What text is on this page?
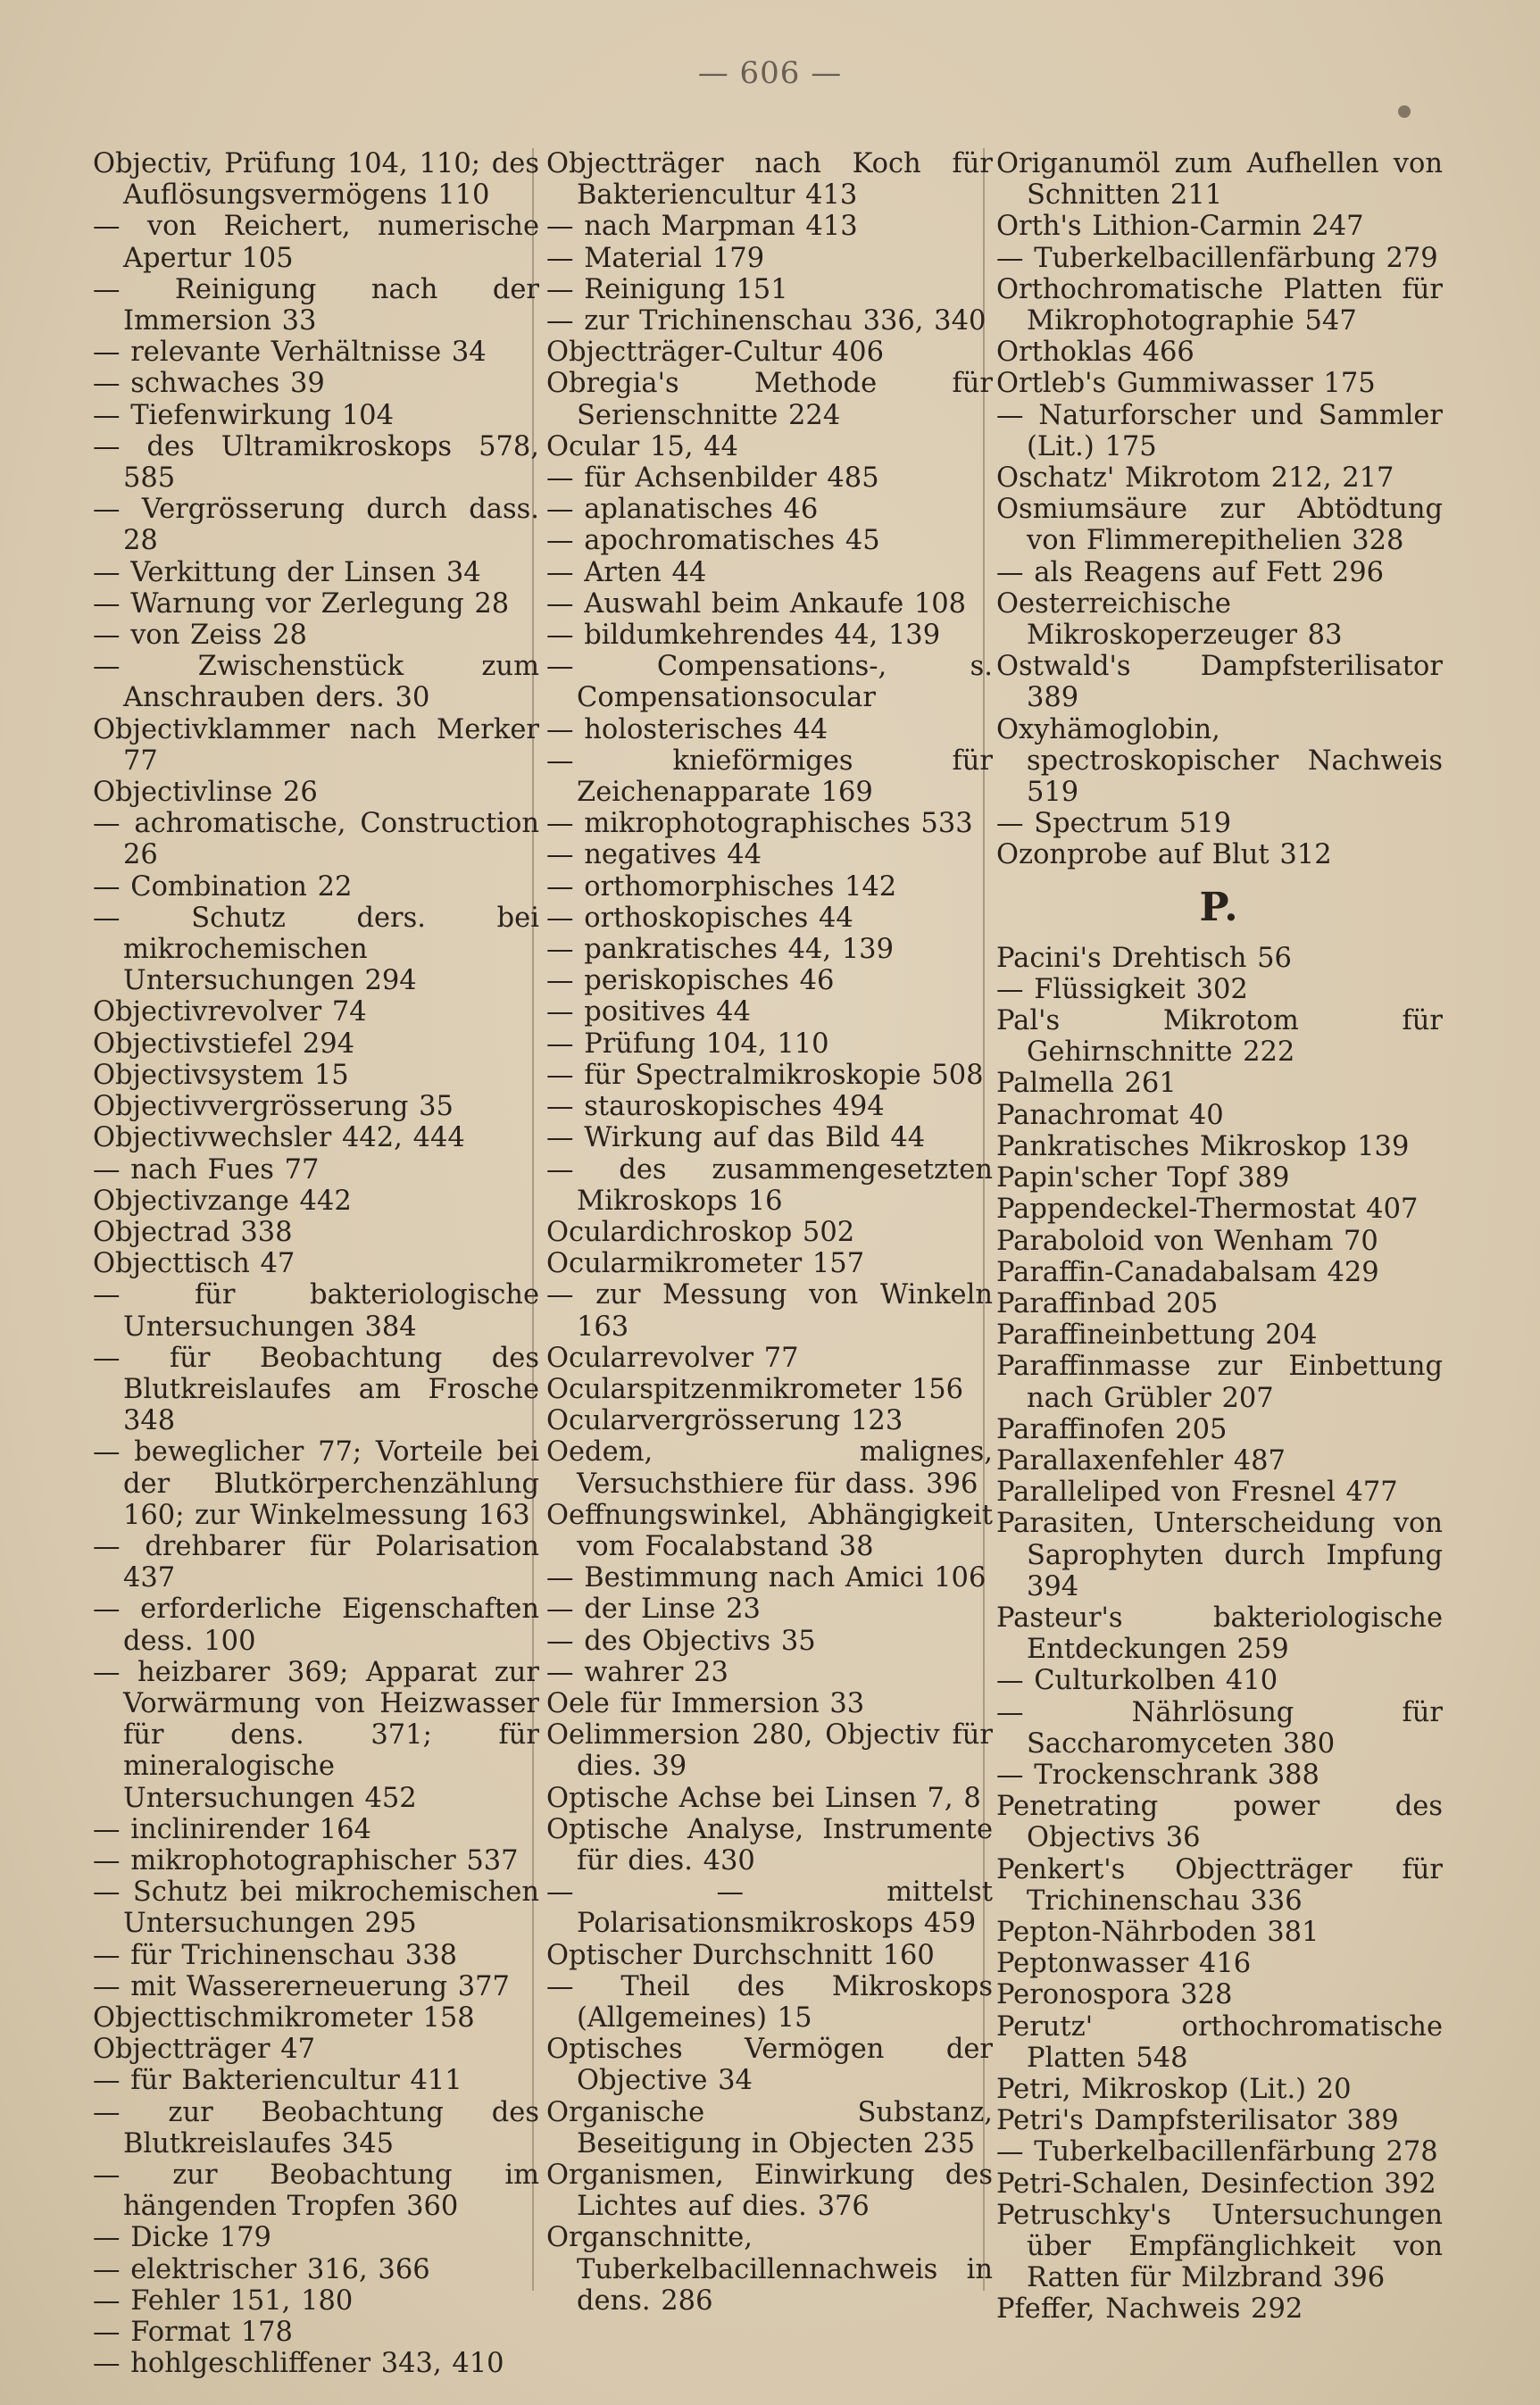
— 606 —
Objectiv, Prüfung 104, 110; des Auflösungsvermögens 110
— von Reichert, numerische Apertur 105
— Reinigung nach der Immersion 33
— relevante Verhältnisse 34
— schwaches 39
— Tiefenwirkung 104
— des Ultramikroskops 578, 585
— Vergrösserung durch dass. 28
— Verkittung der Linsen 34
— Warnung vor Zerlegung 28
— von Zeiss 28
— Zwischenstück zum Anschrauben ders. 30
Objectivklammer nach Merker 77
Objectivlinse 26
— achromatische, Construction 26
— Combination 22
— Schutz ders. bei mikrochemischen Untersuchungen 294
Objectivrevolver 74
Objectivstiefel 294
Objectivsystem 15
Objectivvergrösserung 35
Objectivwechsler 442, 444
— nach Fues 77
Objectivzange 442
Objectrad 338
Objecttisch 47
— für bakteriologische Untersuchungen 384
— für Beobachtung des Blutkreislaufes am Frosche 348
— beweglicher 77; Vorteile bei der Blutkörperchenzählung 160; zur Winkelmessung 163
— drehbarer für Polarisation 437
— erforderliche Eigenschaften dess. 100
— heizbarer 369; Apparat zur Vorwärmung von Heizwasser für dens. 371; für mineralogische Untersuchungen 452
— inclinirender 164
— mikrophotographischer 537
— Schutz bei mikrochemischen Untersuchungen 295
— für Trichinenschau 338
— mit Wassererneuerung 377
Objecttischmikrometer 158
Objectträger 47
— für Bakteriencultur 411
— zur Beobachtung des Blutkreislaufes 345
— zur Beobachtung im hängenden Tropfen 360
— Dicke 179
— elektrischer 316, 366
— Fehler 151, 180
— Format 178
— hohlgeschliffener 343, 410
Objectträger nach Koch für Bakteriencultur 413
— nach Marpman 413
— Material 179
— Reinigung 151
— zur Trichinenschau 336, 340
Objectträger-Cultur 406
Obregia's Methode für Serienschnitte 224
Ocular 15, 44
— für Achsenbilder 485
— aplanatisches 46
— apochromatisches 45
— Arten 44
— Auswahl beim Ankaufe 108
— bildumkehrendes 44, 139
— Compensations-, s. Compensationsocular
— holosterisches 44
— knieförmiges für Zeichenapparate 169
— mikrophotographisches 533
— negatives 44
— orthomorphisches 142
— orthoskopisches 44
— pankratisches 44, 139
— periskopisches 46
— positives 44
— Prüfung 104, 110
— für Spectralmikroskopie 508
— stauroskopisches 494
— Wirkung auf das Bild 44
— des zusammengesetzten Mikroskops 16
Oculardichroskop 502
Ocularmikrometer 157
— zur Messung von Winkeln 163
Ocularrevolver 77
Ocularspitzenmikrometer 156
Ocularvergrösserung 123
Oedem, malignes, Versuchsthiere für dass. 396
Oeffnungswinkel, Abhängigkeit vom Focalabstand 38
— Bestimmung nach Amici 106
— der Linse 23
— des Objectivs 35
— wahrer 23
Oele für Immersion 33
Oelimmersion 280, Objectiv für dies. 39
Optische Achse bei Linsen 7, 8
Optische Analyse, Instrumente für dies. 430
— — mittelst Polarisationsmikroskops 459
Optischer Durchschnitt 160
— Theil des Mikroskops (Allgemeines) 15
Optisches Vermögen der Objective 34
Organische Substanz, Beseitigung in Objecten 235
Organismen, Einwirkung des Lichtes auf dies. 376
Organschnitte, Tuberkelbacillennachweis in dens. 286
Origanumöl zum Aufhellen von Schnitten 211
Orth's Lithion-Carmin 247
— Tuberkelbacillenfärbung 279
Orthochromatische Platten für Mikrophotographie 547
Orthoklas 466
Ortleb's Gummiwasser 175
— Naturforscher und Sammler (Lit.) 175
Oschatz' Mikrotom 212, 217
Osmiumsäure zur Abtödtung von Flimmerepithelien 328
— als Reagens auf Fett 296
Oesterreichische Mikroskoperzeuger 83
Ostwald's Dampfsterilisator 389
Oxyhämoglobin, spectroskopischer Nachweis 519
— Spectrum 519
Ozonprobe auf Blut 312
P.
Pacini's Drehtisch 56
— Flüssigkeit 302
Pal's Mikrotom für Gehirnschnitte 222
Palmella 261
Panachromat 40
Pankratisches Mikroskop 139
Papin'scher Topf 389
Pappendeckel-Thermostat 407
Paraboloid von Wenham 70
Paraffin-Canadabalsam 429
Paraffinbad 205
Paraffineinbettung 204
Paraffinmasse zur Einbettung nach Grübler 207
Paraffinofen 205
Parallaxenfehler 487
Paralleliped von Fresnel 477
Parasiten, Unterscheidung von Saprophyten durch Impfung 394
Pasteur's bakteriologische Entdeckungen 259
— Culturkolben 410
— Nährlösung für Saccharomyceten 380
— Trockenschrank 388
Penetrating power des Objectivs 36
Penkert's Objectträger für Trichinenschau 336
Pepton-Nährboden 381
Peptonwasser 416
Peronospora 328
Perutz' orthochromatische Platten 548
Petri, Mikroskop (Lit.) 20
Petri's Dampfsterilisator 389
— Tuberkelbacillenfärbung 278
Petri-Schalen, Desinfection 392
Petruschky's Untersuchungen über Empfänglichkeit von Ratten für Milzbrand 396
Pfeffer, Nachweis 292
